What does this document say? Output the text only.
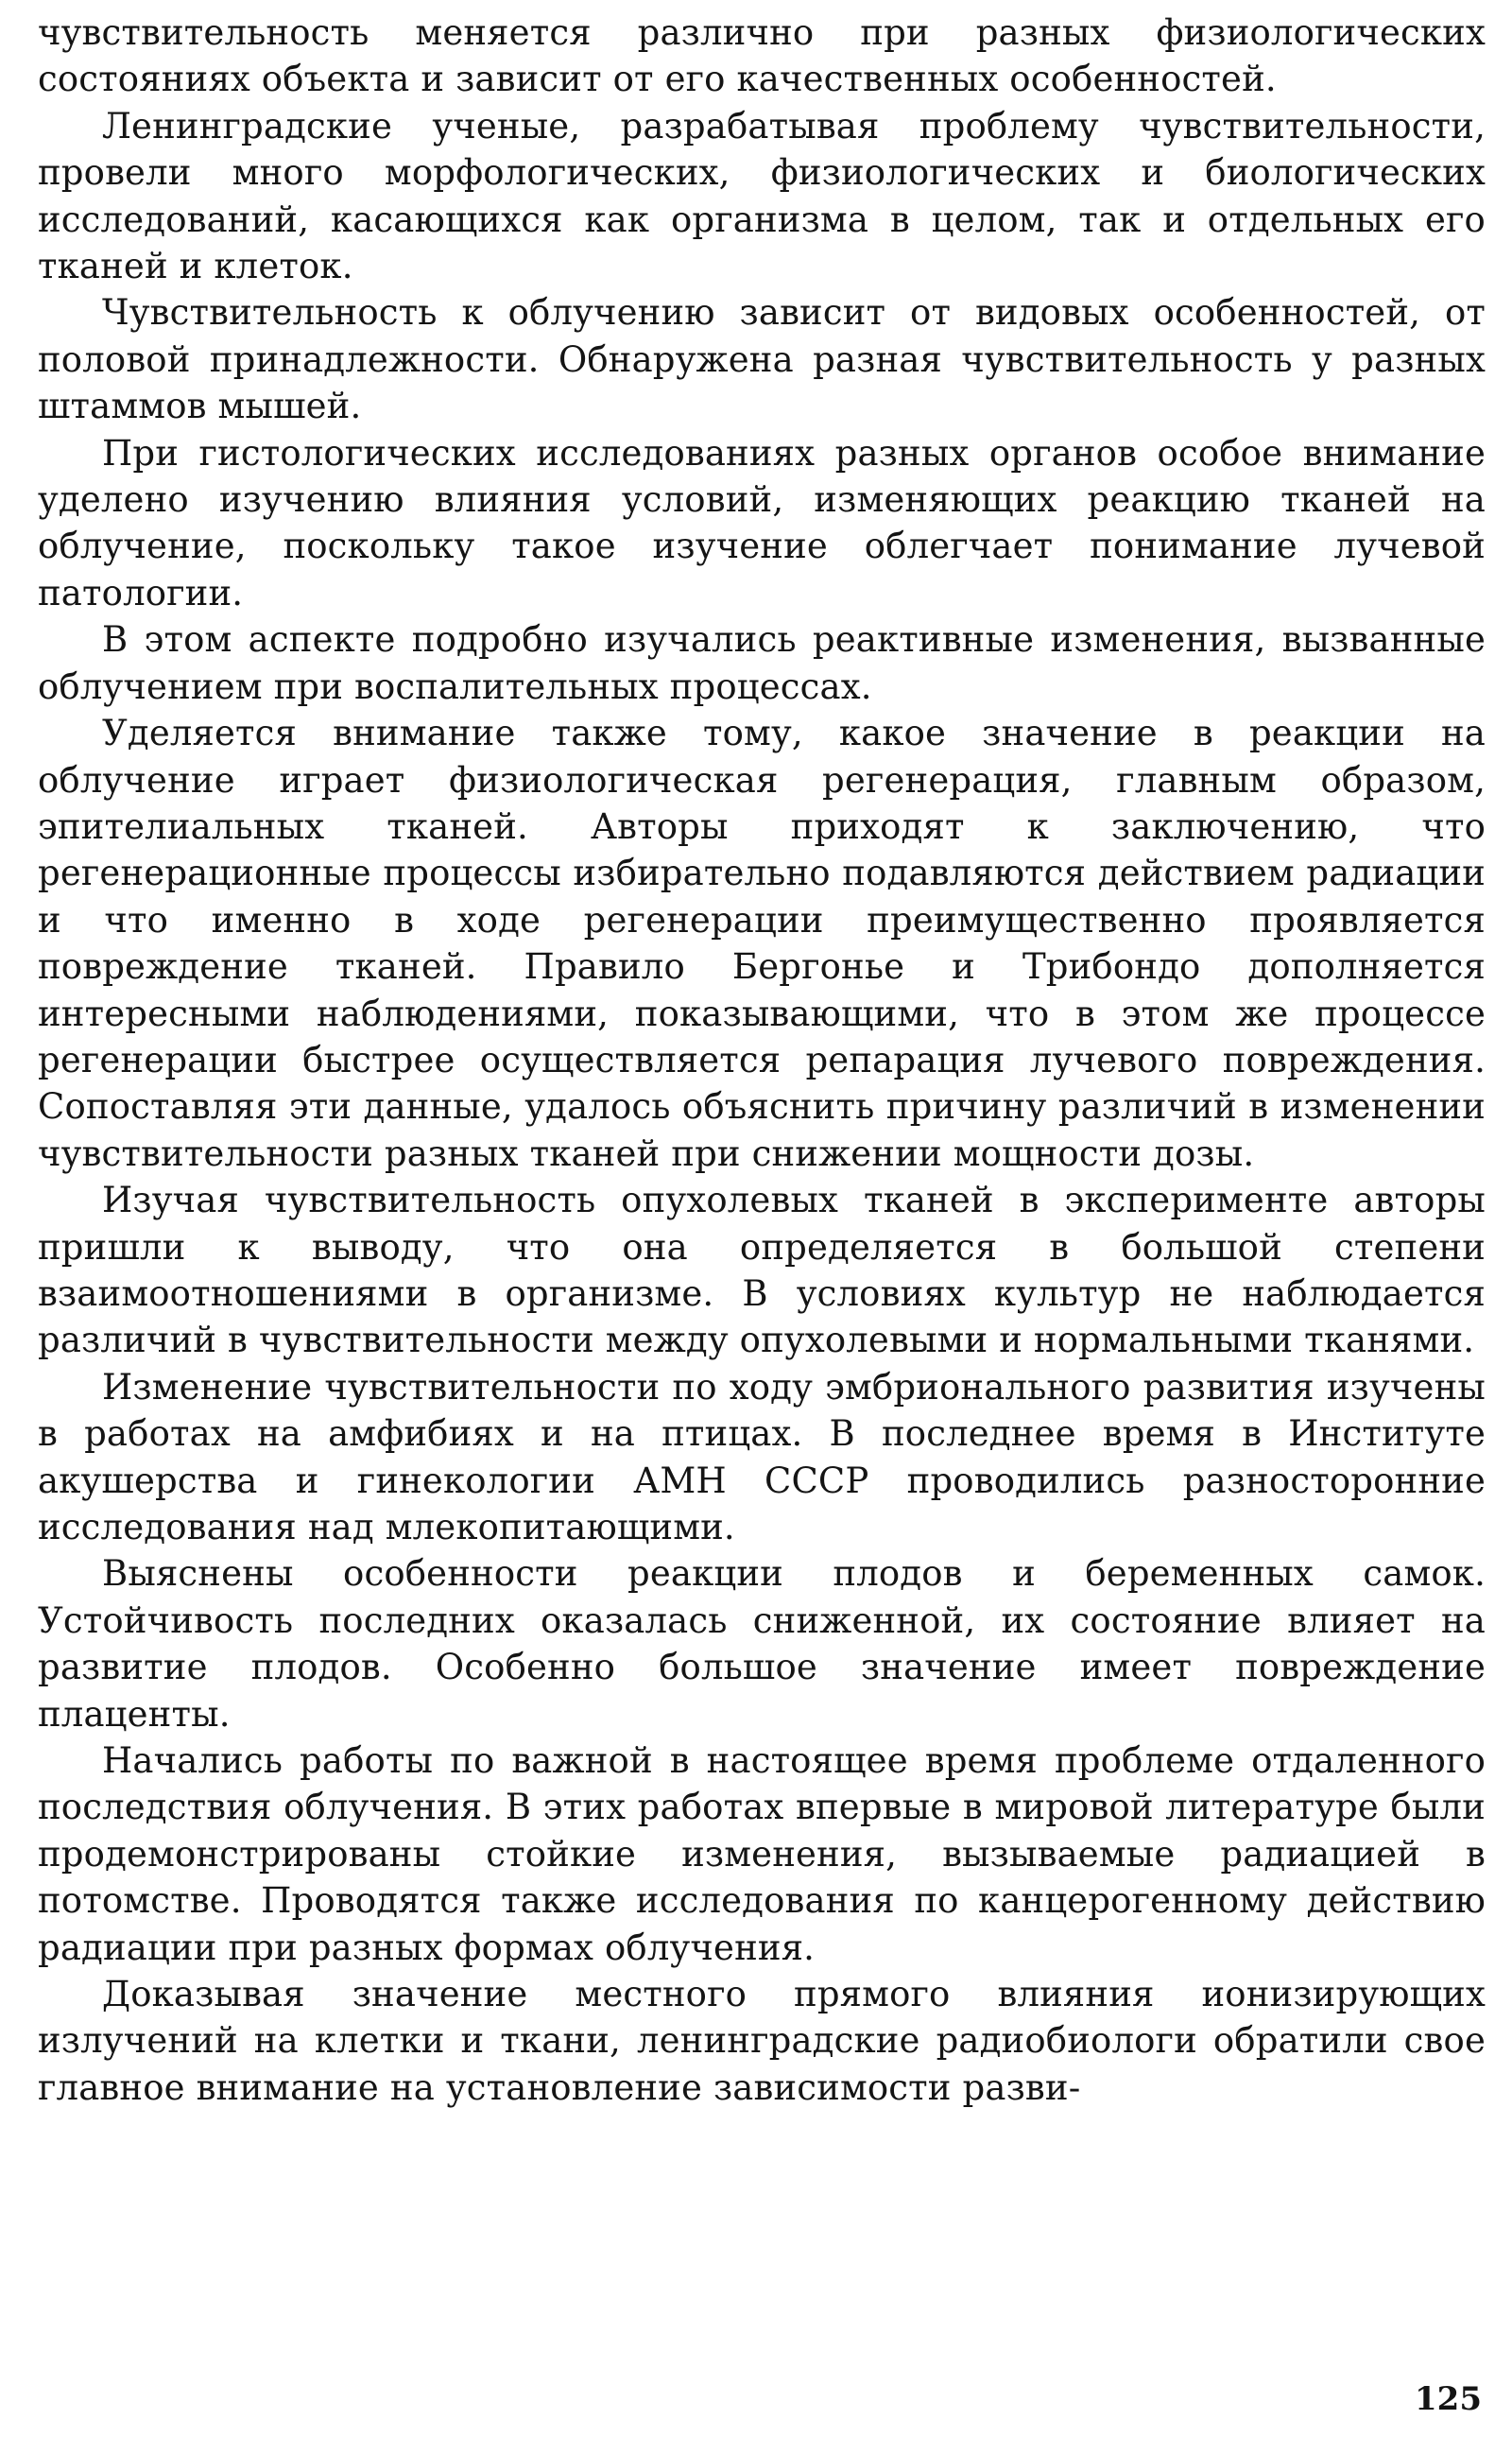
чувствительность меняется различно при разных физиологических состояниях объекта и зависит от его качественных особенностей.

Ленинградские ученые, разрабатывая проблему чувствительности, провели много морфологических, физиологических и биологических исследований, касающихся как организма в целом, так и отдельных его тканей и клеток.

Чувствительность к облучению зависит от видовых особенностей, от половой принадлежности. Обнаружена разная чувствительность у разных штаммов мышей.

При гистологических исследованиях разных органов особое внимание уделено изучению влияния условий, изменяющих реакцию тканей на облучение, поскольку такое изучение облегчает понимание лучевой патологии.

В этом аспекте подробно изучались реактивные изменения, вызванные облучением при воспалительных процессах.

Уделяется внимание также тому, какое значение в реакции на облучение играет физиологическая регенерация, главным образом, эпителиальных тканей. Авторы приходят к заключению, что регенерационные процессы избирательно подавляются действием радиации и что именно в ходе регенерации преимущественно проявляется повреждение тканей. Правило Бергонье и Трибондо дополняется интересными наблюдениями, показывающими, что в этом же процессе регенерации быстрее осуществляется репарация лучевого повреждения. Сопоставляя эти данные, удалось объяснить причину различий в изменении чувствительности разных тканей при снижении мощности дозы.

Изучая чувствительность опухолевых тканей в эксперименте авторы пришли к выводу, что она определяется в большой степени взаимоотношениями в организме. В условиях культур не наблюдается различий в чувствительности между опухолевыми и нормальными тканями.

Изменение чувствительности по ходу эмбрионального развития изучены в работах на амфибиях и на птицах. В последнее время в Институте акушерства и гинекологии АМН СССР проводились разносторонние исследования над млекопитающими.

Выяснены особенности реакции плодов и беременных самок. Устойчивость последних оказалась сниженной, их состояние влияет на развитие плодов. Особенно большое значение имеет повреждение плаценты.

Начались работы по важной в настоящее время проблеме отдаленного последствия облучения. В этих работах впервые в мировой литературе были продемонстрированы стойкие изменения, вызываемые радиацией в потомстве. Проводятся также исследования по канцерогенному действию радиации при разных формах облучения.

Доказывая значение местного прямого влияния ионизирующих излучений на клетки и ткани, ленинградские радиобиологи обратили свое главное внимание на установление зависимости разви-

125
